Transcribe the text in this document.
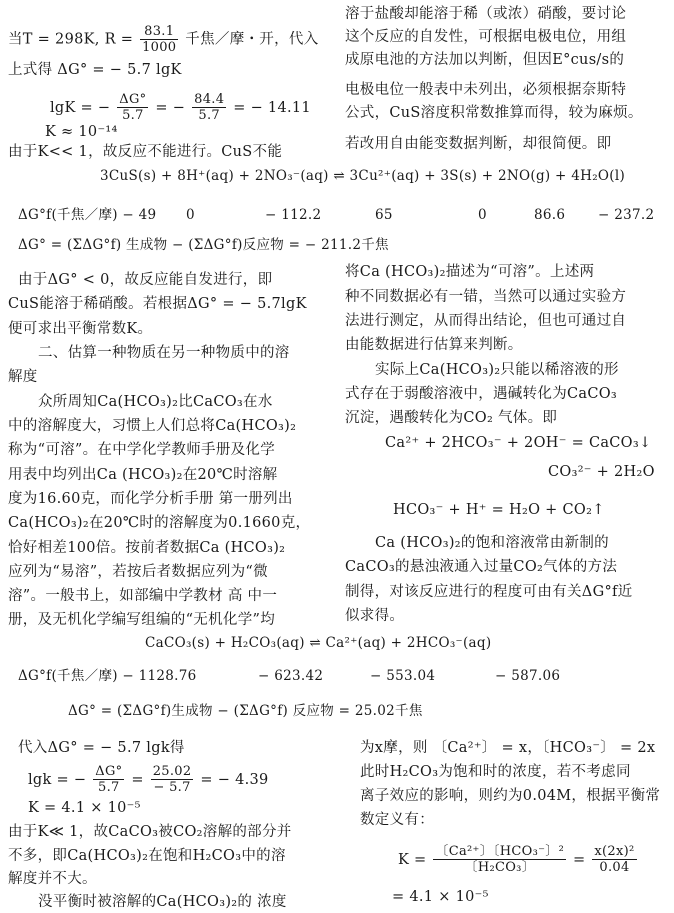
当T = 298K, $R = \frac{83.1}{1000}$ 千焦／摩・开，代入
上式得 ΔG° = − 5.7 lgK
lgK = − $\frac{\Delta G^\circ}{5.7}$ = − $\frac{84.4}{5.7}$ = − 14.11
K ≈ 10⁻¹⁴
由于K<< 1，故反应不能进行。CuS不能
溶于盐酸却能溶于稀（或浓）硝酸，要讨论
这个反应的自发性，可根据电极电位，用组
成原电池的方法加以判断，但因E°cus/s的
电极电位一般表中未列出，必须根据奈斯特
公式，CuS溶度积常数推算而得，较为麻烦。
若改用自由能变数据判断，却很简便。即
3CuS(s) + 8H⁺(aq) + 2NO₃⁻(aq) ⇌ 3Cu²⁺(aq) + 3S(s) + 2NO(g) + 4H₂O(l)
ΔG°f(千焦／摩) − 49 0	− 112.2	65	0	86.6 − 237.2
ΔG° = (ΣΔG°f) 生成物 − (ΣΔG°f)反应物 = − 211.2千焦
由于ΔG° < 0，故反应能自发进行，即
CuS能溶于稀硝酸。若根据ΔG° = − 5.7lgK
便可求出平衡常数K。
二、估算一种物质在另一种物质中的溶
解度
众所周知Ca(HCO₃)₂比CaCO₃在水
中的溶解度大，习惯上人们总将Ca(HCO₃)₂
称为“可溶”。在中学化学教师手册及化学
用表中均列出Ca (HCO₃)₂在20℃时溶解
度为16.60克，而化学分析手册 第一册列出
Ca(HCO₃)₂在20℃时的溶解度为0.1660克，
恰好相差100倍。按前者数据Ca (HCO₃)₂
应列为“易溶”，若按后者数据应列为“微
溶”。一般书上，如部编中学教材 高 中一
册，及无机化学编写组编的“无机化学”均
将Ca (HCO₃)₂描述为“可溶”。上述两
种不同数据必有一错，当然可以通过实验方
法进行测定，从而得出结论，但也可通过自
由能数据进行估算来判断。
实际上Ca(HCO₃)₂只能以稀溶液的形
式存在于弱酸溶液中，遇碱转化为CaCO₃
沉淀，遇酸转化为CO₂ 气体。即
Ca²⁺ + 2HCO₃⁻ + 2OH⁻ = CaCO₃↓
CO₃²⁻ + 2H₂O
HCO₃⁻ + H⁺ = H₂O + CO₂↑
Ca (HCO₃)₂的饱和溶液常由新制的
CaCO₃的悬浊液通入过量CO₂气体的方法
制得，对该反应进行的程度可由有关ΔG°f近
似求得。
CaCO₃(s) + H₂CO₃(aq) ⇌ Ca²⁺(aq) + 2HCO₃⁻(aq)
ΔG°f(千焦／摩) − 1128.76	− 623.42	− 553.04	− 587.06
ΔG° = (ΣΔG°f)生成物 − (ΣΔG°f) 反应物 = 25.02千焦
代入ΔG° = − 5.7 lgk得
lgk = − $\frac{\Delta G^\circ}{5.7} = \frac{25.02}{- 5.7}$ = − 4.39
K = 4.1 × 10⁻⁵
由于K≪ 1，故CaCO₃被CO₂溶解的部分并
不多，即Ca(HCO₃)₂在饱和H₂CO₃中的溶
解度并不大。
没平衡时被溶解的Ca(HCO₃)₂的 浓度
为x摩，则 〔Ca²⁺〕 = x，〔HCO₃⁻〕 = 2x
此时H₂CO₃为饱和时的浓度，若不考虑同
离子效应的影响，则约为0.04M，根据平衡常
数定义有：
$K = \frac{\text{〔Ca²⁺〕〔HCO₃⁻〕²}}{\text{〔H₂CO₃〕}} = \frac{\text{x(2x)²}}{0.04}$
= 4.1 × 10⁻⁵
